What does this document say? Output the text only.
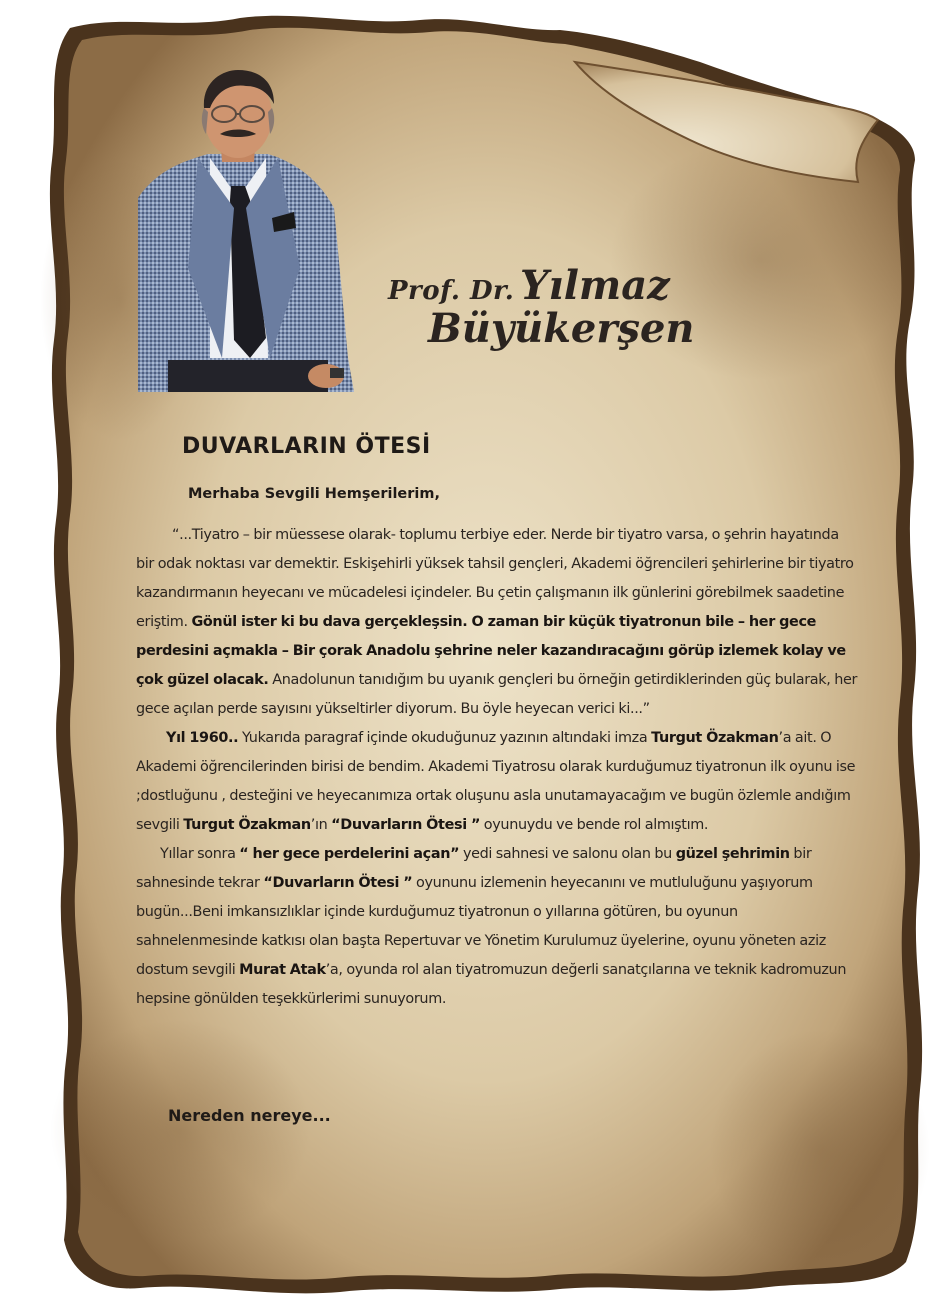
Prof. Dr. Yılmaz
Büyükerşen
DUVARLARIN ÖTESİ
Merhaba Sevgili Hemşerilerim,

“...Tiyatro – bir müessese olarak- toplumu terbiye eder. Nerde bir tiyatro varsa, o şehrin hayatında bir odak noktası var demektir. Eskişehirli yüksek tahsil gençleri, Akademi öğrencileri şehirlerine bir tiyatro kazandırmanın heyecanı ve mücadelesi içindeler. Bu çetin çalışmanın ilk günlerini görebilmek saadetine eriştim. Gönül ister ki bu dava gerçekleşsin. O zaman bir küçük tiyatronun bile – her gece perdesini açmakla – Bir çorak Anadolu şehrine neler kazandıracağını görüp izlemek kolay ve çok güzel olacak. Anadolunun tanıdığım bu uyanık gençleri bu örneğin getirdiklerinden güç bularak, her gece açılan perde sayısını yükseltirler diyorum. Bu öyle heyecan verici ki...”

Yıl 1960.. Yukarıda paragraf içinde okuduğunuz yazının altındaki imza Turgut Özakman’a ait. O Akademi öğrencilerinden birisi de bendim. Akademi Tiyatrosu olarak kurduğumuz tiyatronun ilk oyunu ise ;dostluğunu , desteğini ve heyecanımıza ortak oluşunu asla unutamayacağım ve bugün özlemle andığım sevgili Turgut Özakman’ın “Duvarların Ötesi ” oyunuydu ve bende rol almıştım.

Yıllar sonra “ her gece perdelerini açan” yedi sahnesi ve salonu olan bu güzel şehrimin bir sahnesinde tekrar “Duvarların Ötesi ” oyununu izlemenin heyecanını ve mutluluğunu yaşıyorum bugün...Beni imkansızlıklar içinde kurduğumuz tiyatronun o yıllarına götüren, bu oyunun sahnelenmesinde katkısı olan başta Repertuvar ve Yönetim Kurulumuz üyelerine, oyunu yöneten aziz dostum sevgili Murat Atak’a, oyunda rol alan tiyatromuzun değerli sanatçılarına ve teknik kadromuzun hepsine gönülden teşekkürlerimi sunuyorum.

Nereden nereye...
